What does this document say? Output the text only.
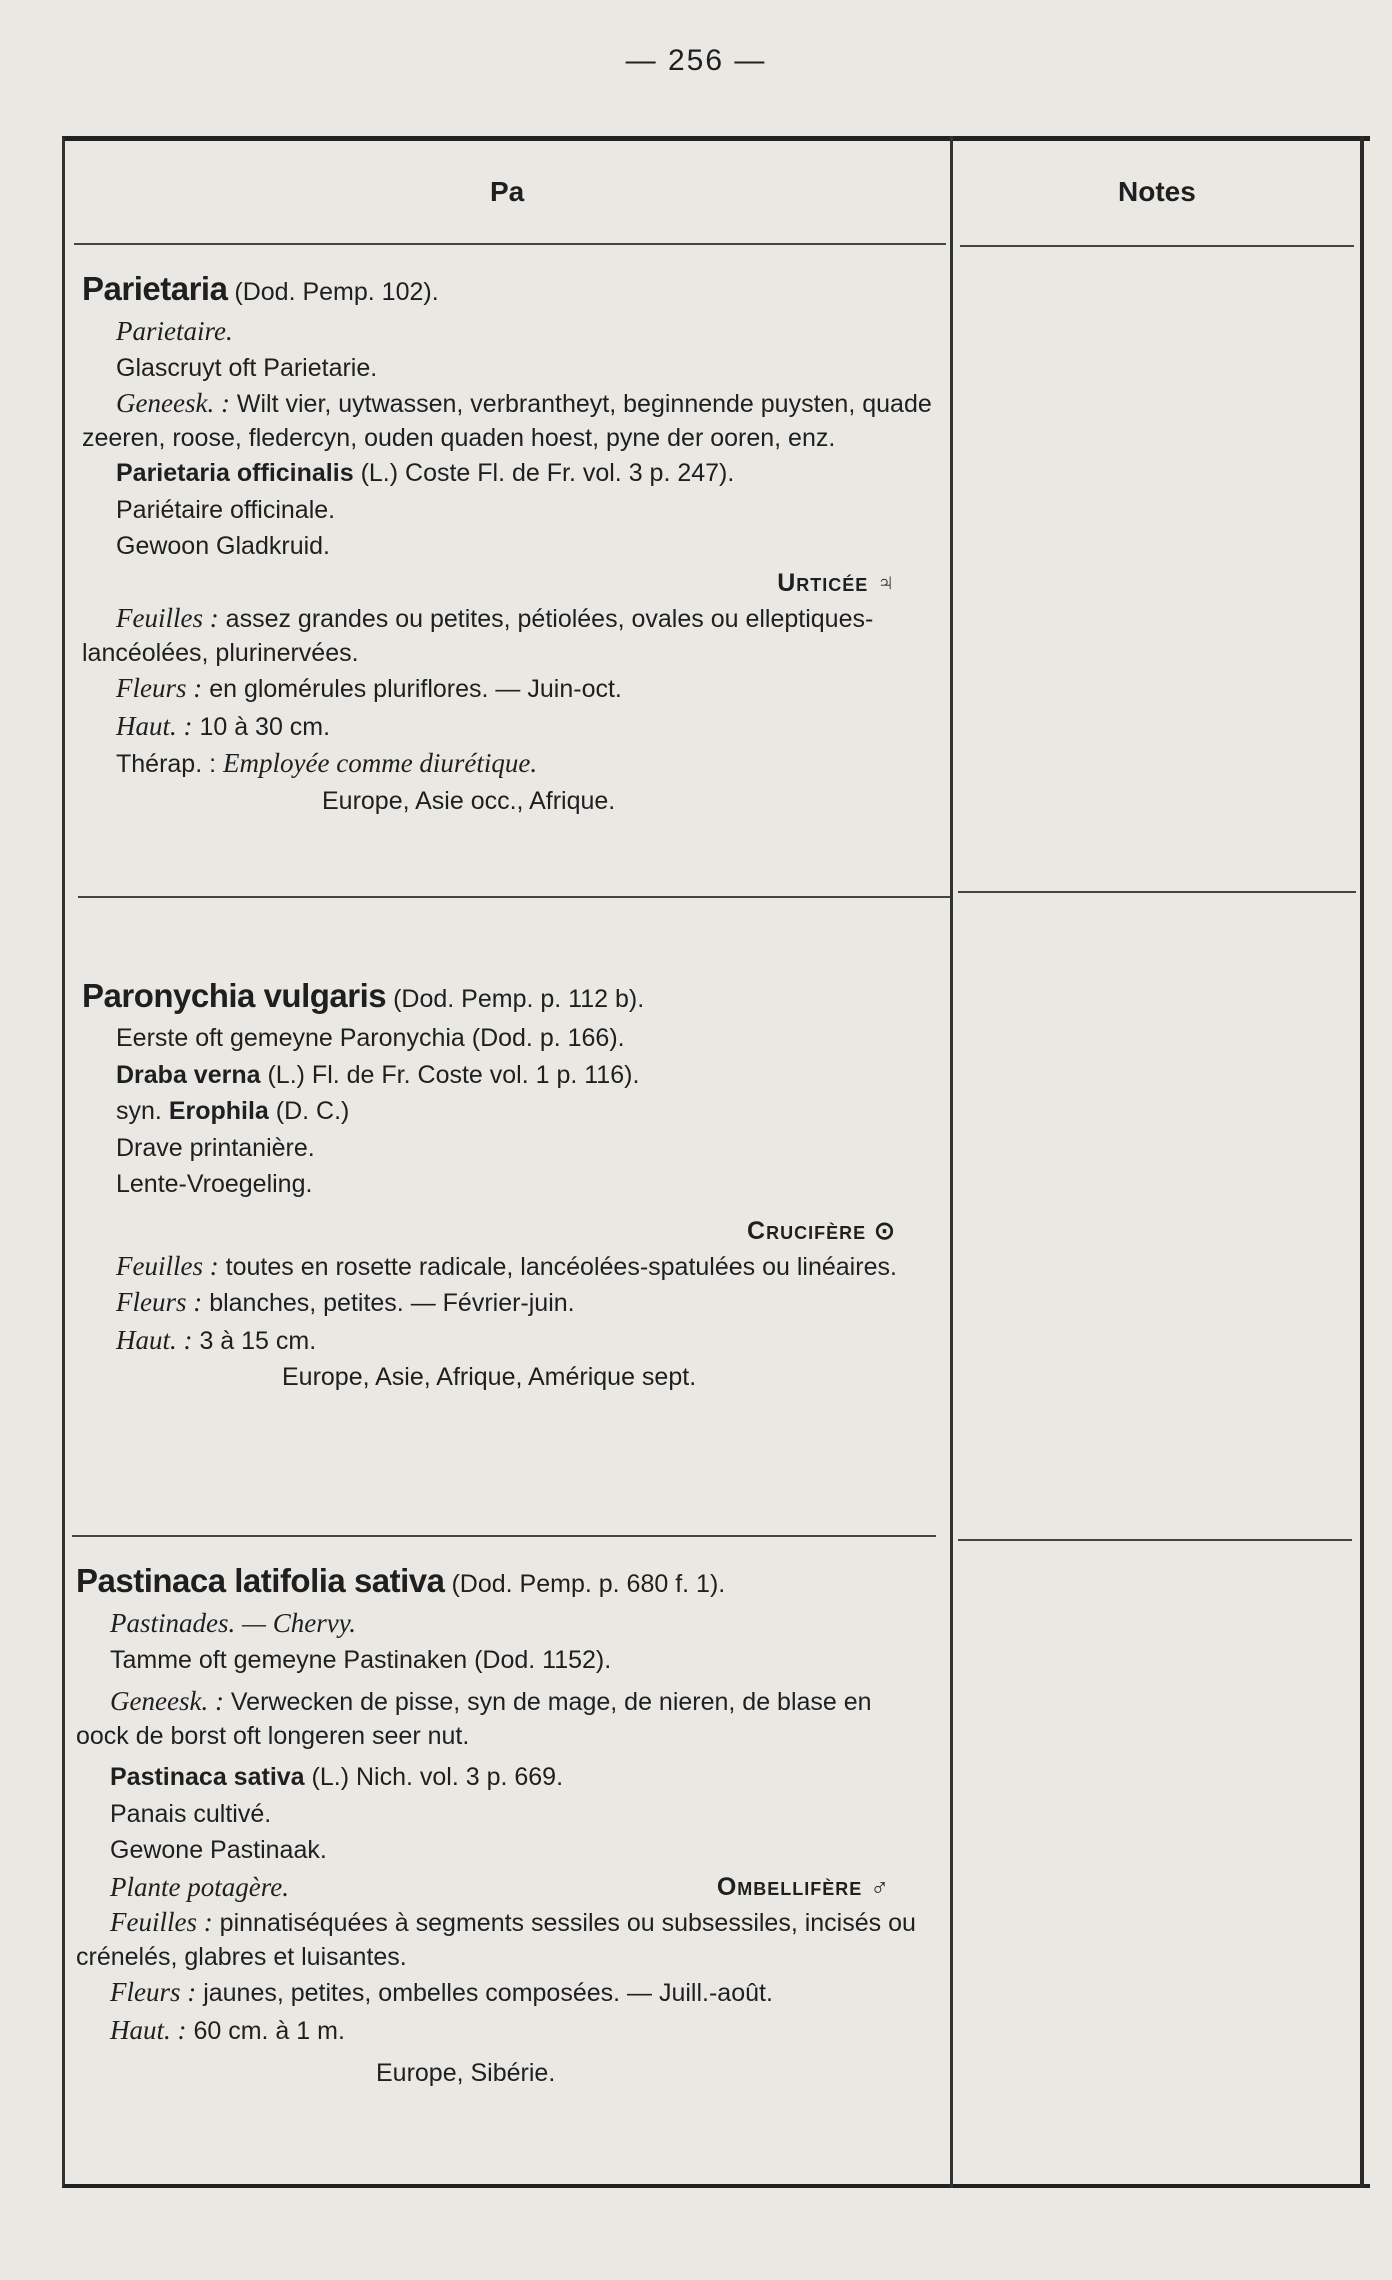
— 256 —
Pa	Notes
Parietaria (Dod. Pemp. 102).
Parietaire.
Glascruyt oft Parietarie.
Geneesk. : Wilt vier, uytwassen, verbrantheyt, beginnende puysten, quade zeeren, roose, fledercyn, ouden quaden hoest, pyne der ooren, enz.
Parietaria officinalis (L.) Coste Fl. de Fr. vol. 3 p. 247).
Pariétaire officinale.
Gewoon Gladkruid.
Urticée ♃
Feuilles : assez grandes ou petites, pétiolées, ovales ou elleptiques-lancéolées, plurinervées.
Fleurs : en glomérules pluriflores. — Juin-oct.
Haut. : 10 à 30 cm.
Thérap. : Employée comme diurétique.
Europe, Asie occ., Afrique.
Paronychia vulgaris (Dod. Pemp. p. 112 b).
Eerste oft gemeyne Paronychia (Dod. p. 166).
Draba verna (L.) Fl. de Fr. Coste vol. 1 p. 116).
syn. Erophila (D. C.)
Drave printanière.
Lente-Vroegeling.
Crucifère ⊙
Feuilles : toutes en rosette radicale, lancéolées-spatulées ou linéaires.
Fleurs : blanches, petites. — Février-juin.
Haut. : 3 à 15 cm.
Europe, Asie, Afrique, Amérique sept.
Pastinaca latifolia sativa (Dod. Pemp. p. 680 f. 1).
Pastinades. — Chervy.
Tamme oft gemeyne Pastinaken (Dod. 1152).
Geneesk. : Verwecken de pisse, syn de mage, de nieren, de blase en oock de borst oft longeren seer nut.
Pastinaca sativa (L.) Nich. vol. 3 p. 669.
Panais cultivé.
Gewone Pastinaak.
Plante potagère.	Ombellifère ♂
Feuilles : pinnatiséquées à segments sessiles ou subsessiles, incisés ou crénelés, glabres et luisantes.
Fleurs : jaunes, petites, ombelles composées. — Juill.-août.
Haut. : 60 cm. à 1 m.
Europe, Sibérie.
